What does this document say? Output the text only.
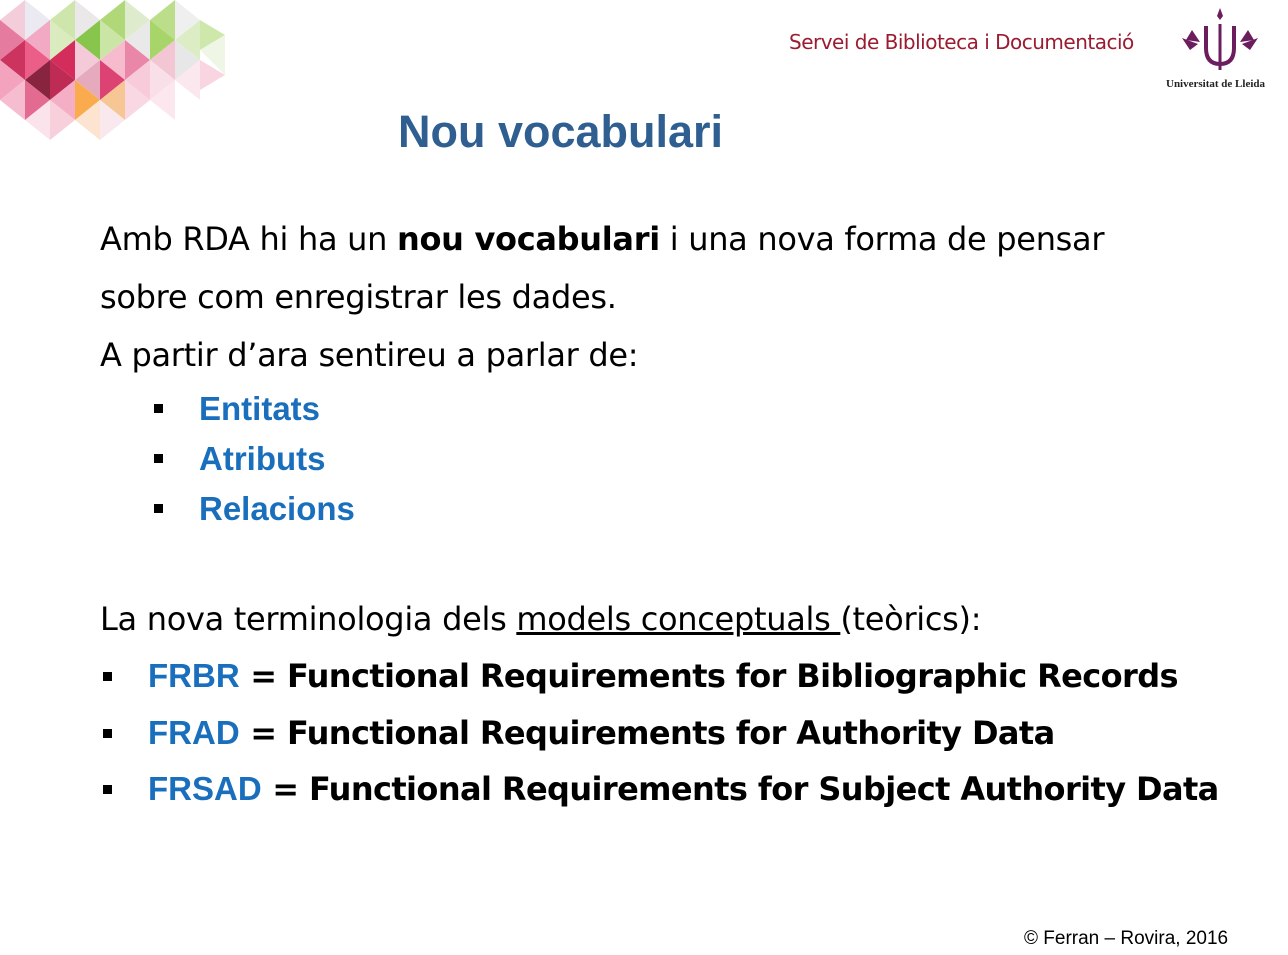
Servei de Biblioteca i Documentació
Universitat de Lleida
Nou vocabulari
Amb RDA hi ha un nou vocabulari i una nova forma de pensar
sobre com enregistrar les dades.
A partir d’ara sentireu a parlar de:
Entitats
Atributs
Relacions
La nova terminologia dels models conceptuals (teòrics):
FRBR = Functional Requirements for Bibliographic Records
FRAD = Functional Requirements for Authority Data
FRSAD = Functional Requirements for Subject Authority Data
© Ferran – Rovira, 2016
